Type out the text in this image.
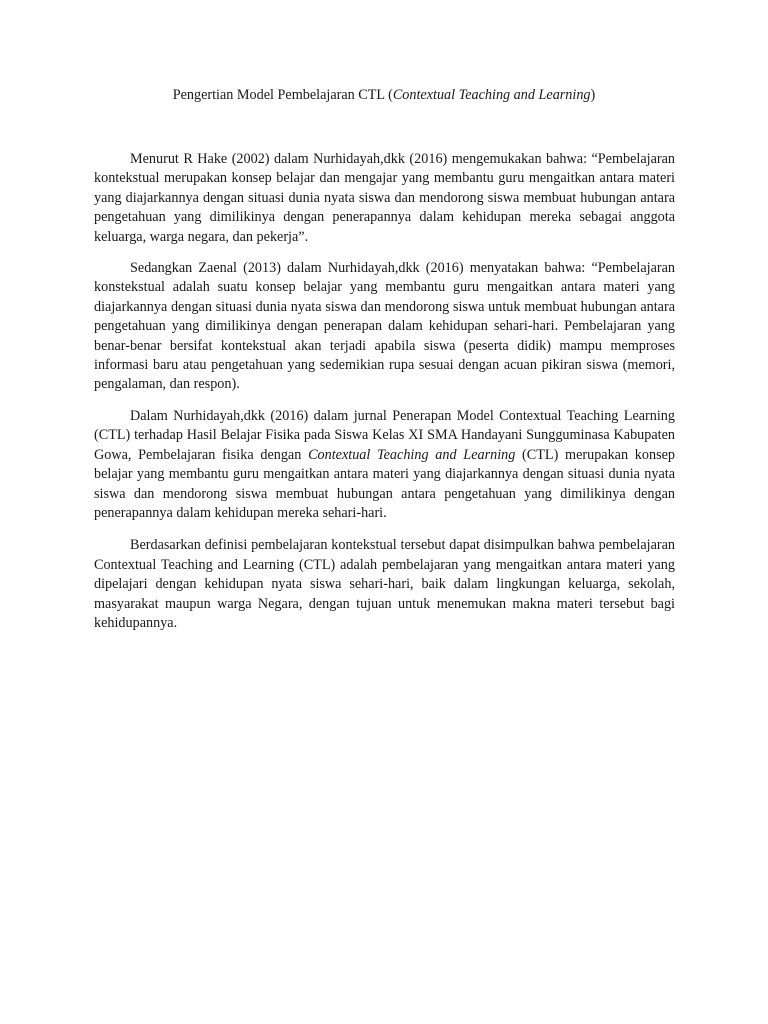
Pengertian Model Pembelajaran CTL (Contextual Teaching and Learning)

Menurut R Hake (2002) dalam Nurhidayah,dkk (2016) mengemukakan bahwa: “Pembelajaran kontekstual merupakan konsep belajar dan mengajar yang membantu guru mengaitkan antara materi yang diajarkannya dengan situasi dunia nyata siswa dan mendorong siswa membuat hubungan antara pengetahuan yang dimilikinya dengan penerapannya dalam kehidupan mereka sebagai anggota keluarga, warga negara, dan pekerja”.

Sedangkan Zaenal (2013) dalam Nurhidayah,dkk (2016) menyatakan bahwa: “Pembelajaran konstekstual adalah suatu konsep belajar yang membantu guru mengaitkan antara materi yang diajarkannya dengan situasi dunia nyata siswa dan mendorong siswa untuk membuat hubungan antara pengetahuan yang dimilikinya dengan penerapan dalam kehidupan sehari-hari. Pembelajaran yang benar-benar bersifat kontekstual akan terjadi apabila siswa (peserta didik) mampu memproses informasi baru atau pengetahuan yang sedemikian rupa sesuai dengan acuan pikiran siswa (memori, pengalaman, dan respon).

Dalam Nurhidayah,dkk (2016) dalam jurnal Penerapan Model Contextual Teaching Learning (CTL) terhadap Hasil Belajar Fisika pada Siswa Kelas XI SMA Handayani Sungguminasa Kabupaten Gowa, Pembelajaran fisika dengan Contextual Teaching and Learning (CTL) merupakan konsep belajar yang membantu guru mengaitkan antara materi yang diajarkannya dengan situasi dunia nyata siswa dan mendorong siswa membuat hubungan antara pengetahuan yang dimilikinya dengan penerapannya dalam kehidupan mereka sehari-hari.

Berdasarkan definisi pembelajaran kontekstual tersebut dapat disimpulkan bahwa pembelajaran Contextual Teaching and Learning (CTL) adalah pembelajaran yang mengaitkan antara materi yang dipelajari dengan kehidupan nyata siswa sehari-hari, baik dalam lingkungan keluarga, sekolah, masyarakat maupun warga Negara, dengan tujuan untuk menemukan makna materi tersebut bagi kehidupannya.
